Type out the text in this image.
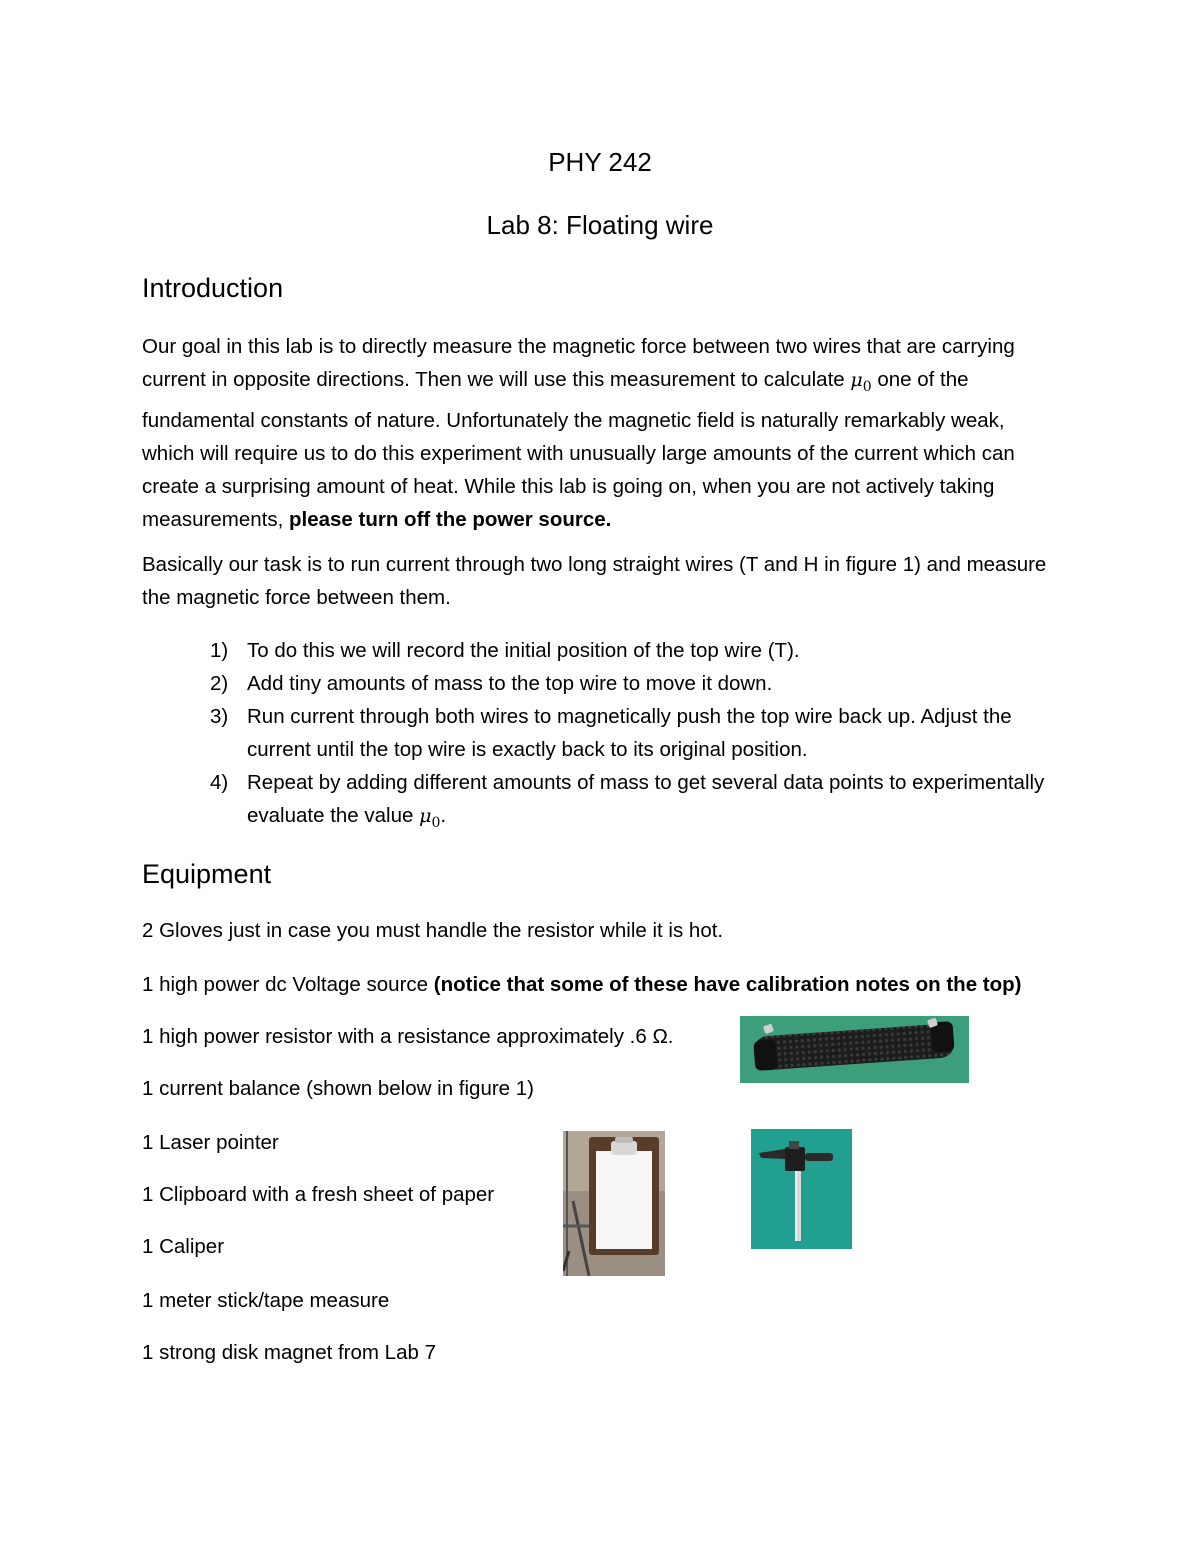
PHY 242
Lab 8: Floating wire
Introduction

Our goal in this lab is to directly measure the magnetic force between two wires that are carrying current in opposite directions. Then we will use this measurement to calculate $\mu_0$ one of the fundamental constants of nature. Unfortunately the magnetic field is naturally remarkably weak, which will require us to do this experiment with unusually large amounts of the current which can create a surprising amount of heat. While this lab is going on, when you are not actively taking measurements, please turn off the power source.

Basically our task is to run current through two long straight wires (T and H in figure 1) and measure the magnetic force between them.

1) To do this we will record the initial position of the top wire (T).
2) Add tiny amounts of mass to the top wire to move it down.
3) Run current through both wires to magnetically push the top wire back up. Adjust the current until the top wire is exactly back to its original position.
4) Repeat by adding different amounts of mass to get several data points to experimentally evaluate the value $\mu_0$.
Equipment
2 Gloves just in case you must handle the resistor while it is hot.
1 high power dc Voltage source (notice that some of these have calibration notes on the top)
1 high power resistor with a resistance approximately .6 Ω.
1 current balance (shown below in figure 1)
1 Laser pointer
1 Clipboard with a fresh sheet of paper
1 Caliper
1 meter stick/tape measure
1 strong disk magnet from Lab 7
